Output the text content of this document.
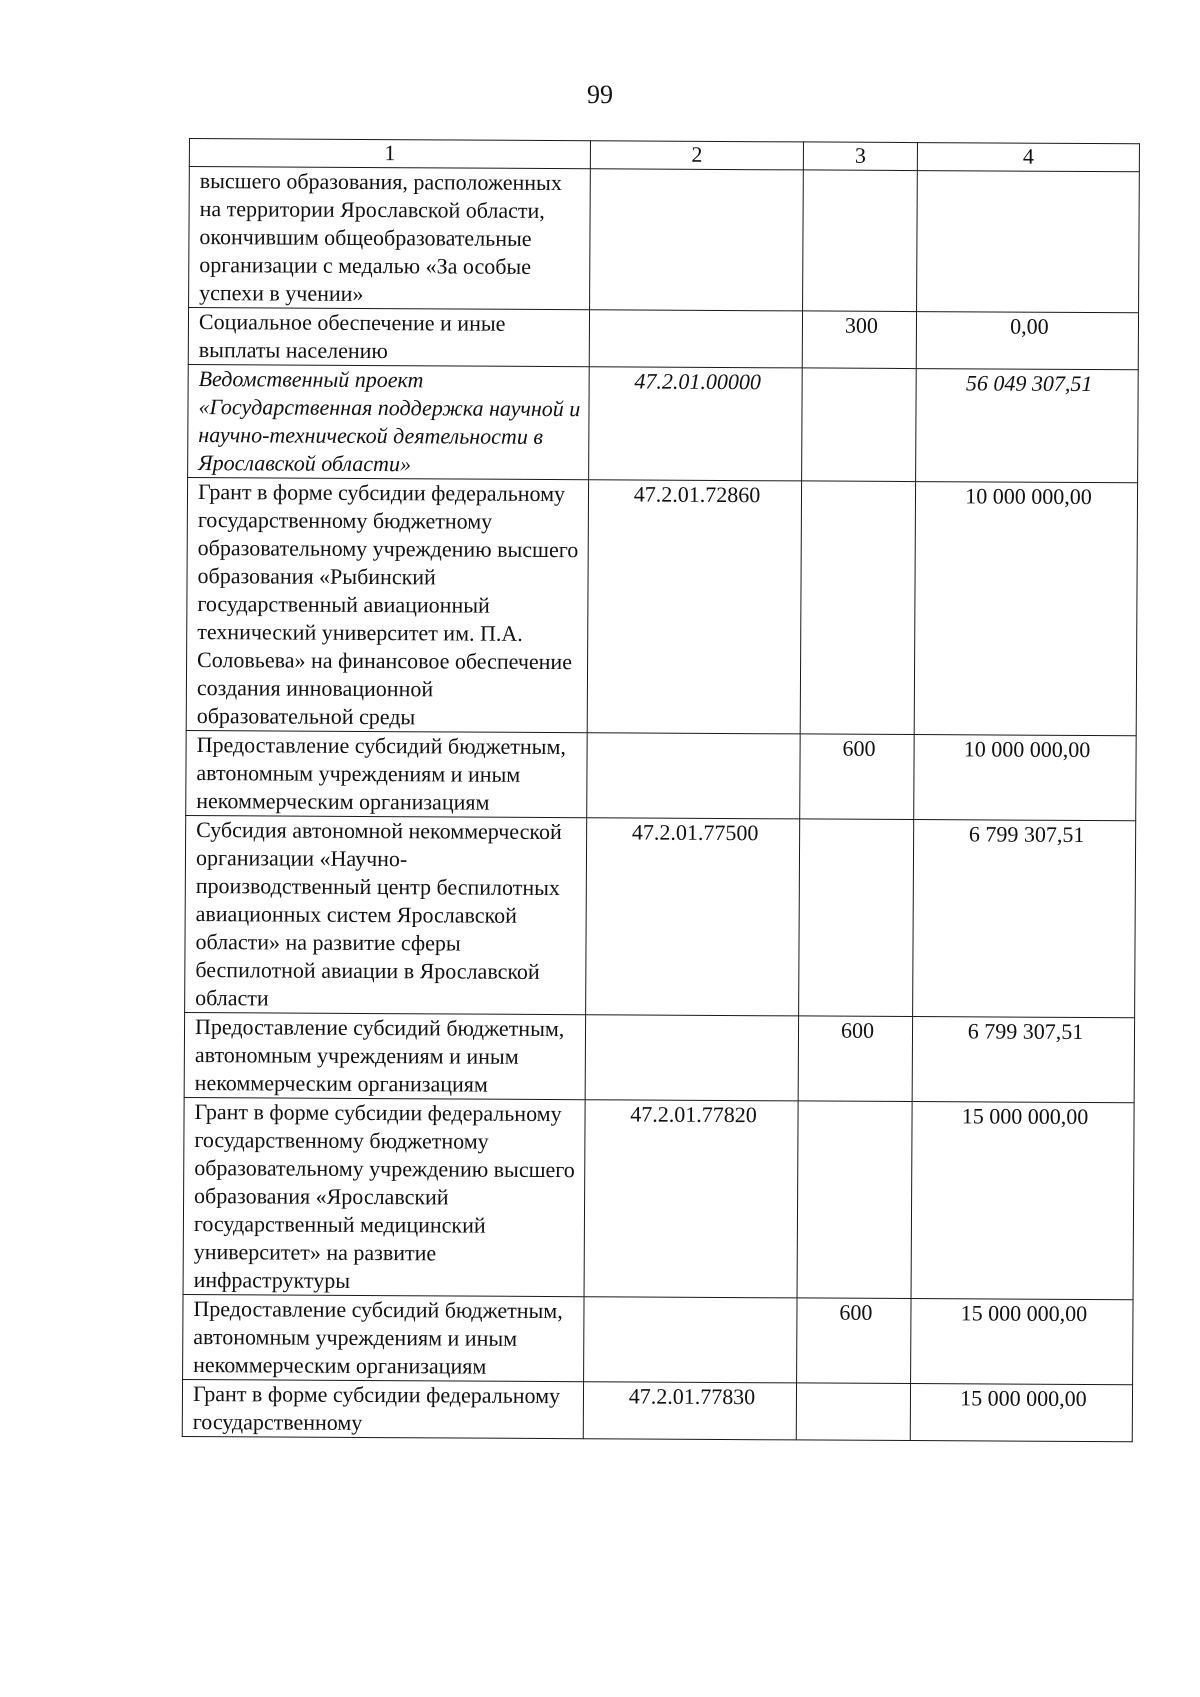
99
1	2	3	4
высшего образования, расположенных на территории Ярославской области, окончившим общеобразовательные организации с медалью «За особые успехи в учении»			
Социальное обеспечение и иные выплаты населению		300	0,00
Ведомственный проект «Государственная поддержка научной и научно-технической деятельности в Ярославской области»	47.2.01.00000		56 049 307,51
Грант в форме субсидии федеральному государственному бюджетному образовательному учреждению высшего образования «Рыбинский государственный авиационный технический университет им. П.А. Соловьева» на финансовое обеспечение создания инновационной образовательной среды	47.2.01.72860		10 000 000,00
Предоставление субсидий бюджетным, автономным учреждениям и иным некоммерческим организациям		600	10 000 000,00
Субсидия автономной некоммерческой организации «Научно-производственный центр беспилотных авиационных систем Ярославской области» на развитие сферы беспилотной авиации в Ярославской области	47.2.01.77500		6 799 307,51
Предоставление субсидий бюджетным, автономным учреждениям и иным некоммерческим организациям		600	6 799 307,51
Грант в форме субсидии федеральному государственному бюджетному образовательному учреждению высшего образования «Ярославский государственный медицинский университет» на развитие инфраструктуры	47.2.01.77820		15 000 000,00
Предоставление субсидий бюджетным, автономным учреждениям и иным некоммерческим организациям		600	15 000 000,00
Грант в форме субсидии федеральному государственному	47.2.01.77830		15 000 000,00
